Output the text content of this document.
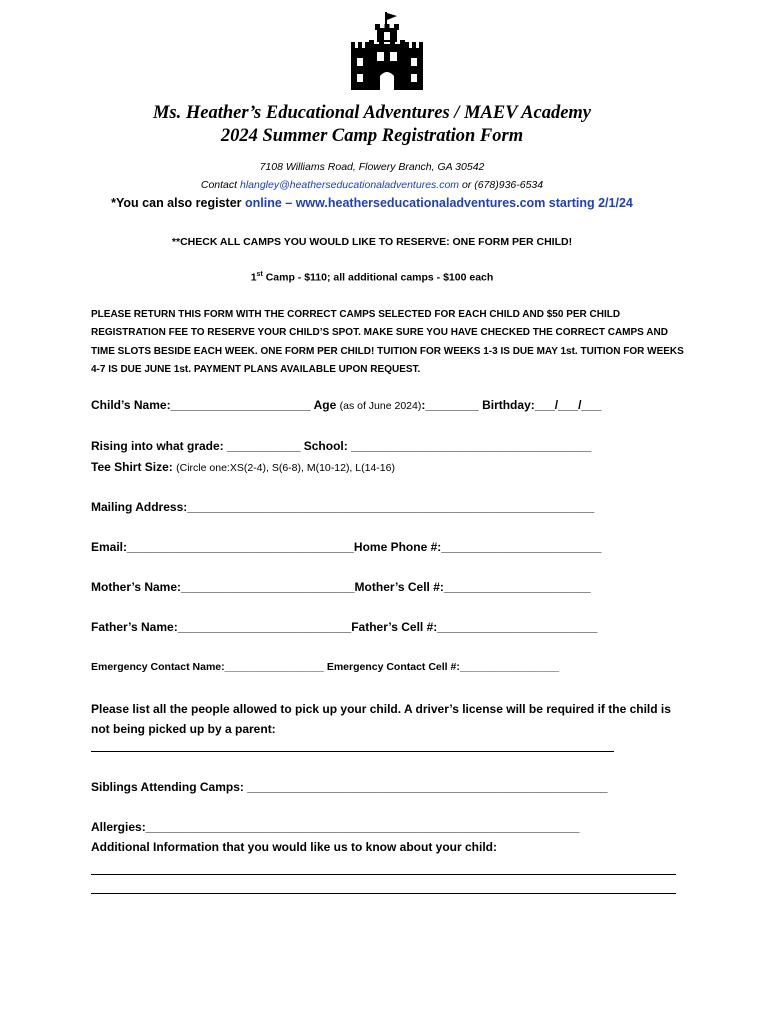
Ms. Heather’s Educational Adventures / MAEV Academy
2024 Summer Camp Registration Form
7108 Williams Road, Flowery Branch, GA 30542
Contact hlangley@heatherseducationaladventures.com or (678)936-6534
*You can also register online – www.heatherseducationaladventures.com starting 2/1/24
**CHECK ALL CAMPS YOU WOULD LIKE TO RESERVE: ONE FORM PER CHILD!
1st Camp - $110; all additional camps - $100 each
PLEASE RETURN THIS FORM WITH THE CORRECT CAMPS SELECTED FOR EACH CHILD AND $50 PER CHILD REGISTRATION FEE TO RESERVE YOUR CHILD’S SPOT. MAKE SURE YOU HAVE CHECKED THE CORRECT CAMPS AND TIME SLOTS BESIDE EACH WEEK. ONE FORM PER CHILD! TUITION FOR WEEKS 1-3 IS DUE MAY 1st. TUITION FOR WEEKS 4-7 IS DUE JUNE 1st. PAYMENT PLANS AVAILABLE UPON REQUEST.
Child’s Name:_____________________ Age (as of June 2024):________ Birthday:___/___/___
Rising into what grade: ___________ School: ____________________________________
Tee Shirt Size: (Circle one:XS(2-4), S(6-8), M(10-12), L(14-16)
Mailing Address:_____________________________________________________________
Email:__________________________________Home Phone #:________________________
Mother’s Name:__________________________Mother’s Cell #:______________________
Father’s Name:__________________________Father’s Cell #:________________________
Emergency Contact Name:_________________ Emergency Contact Cell #:_________________
Please list all the people allowed to pick up your child. A driver’s license will be required if the child is not being picked up by a parent:
Siblings Attending Camps: ______________________________________________________
Allergies:_________________________________________________________________
Additional Information that you would like us to know about your child:
